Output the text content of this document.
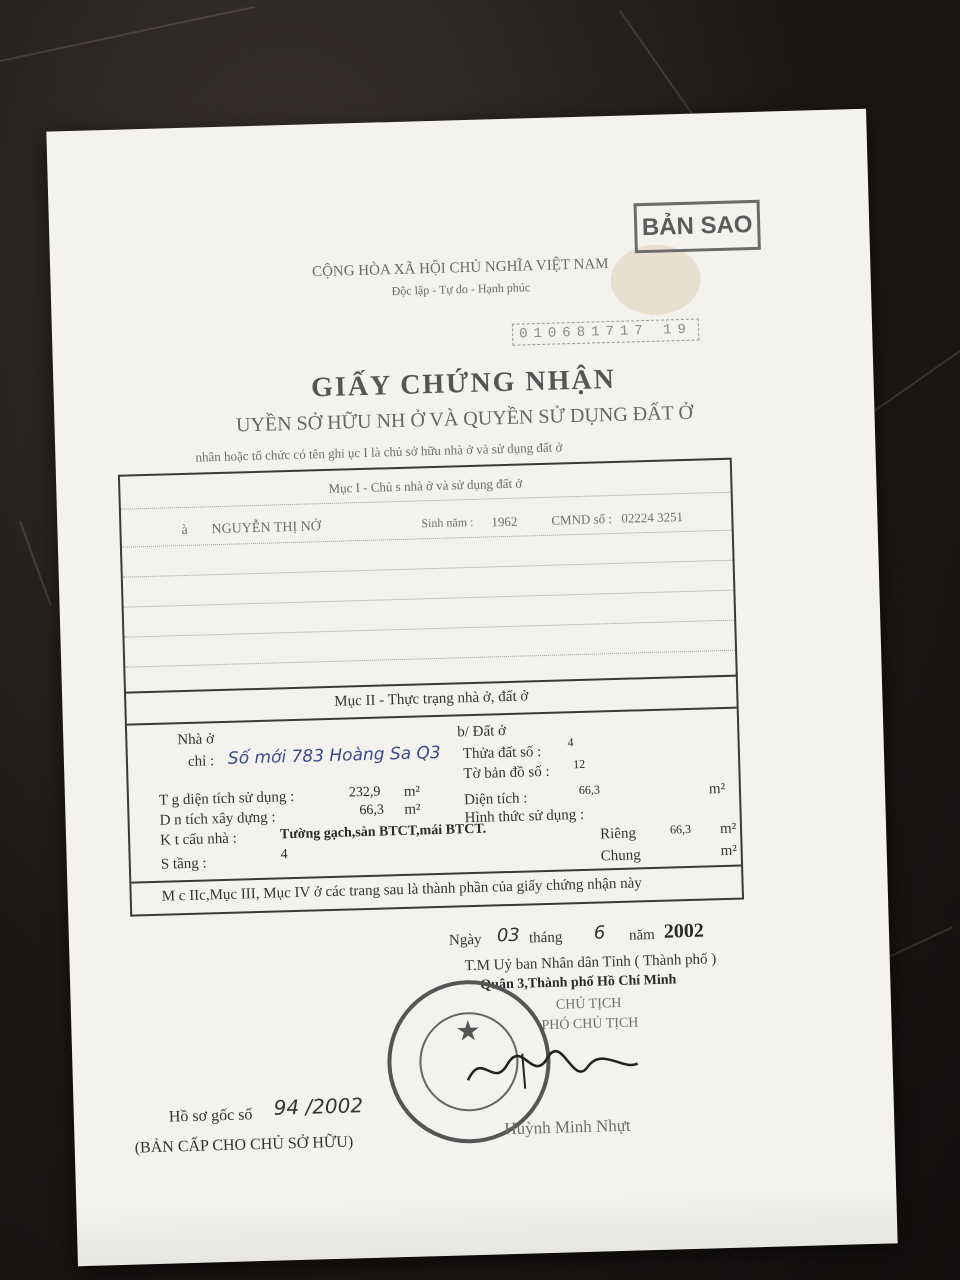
BẢN SAO
CỘNG HÒA XÃ HỘI CHỦ NGHĨA VIỆT NAM
Độc lập - Tự do - Hạnh phúc
010681717 19
GIẤY CHỨNG NHẬN
UYỀN SỞ HỮU NH Ở VÀ QUYỀN SỬ DỤNG ĐẤT Ở
nhân hoặc tổ chức có tên ghi ục I là chủ sở hữu nhà ở và sử dụng đất ở
Mục I - Chủ s nhà ở và sử dụng đất ở
à NGUYỄN THỊ NỞ	Sinh năm : 1962	CMND số : 02224 3251
Mục II - Thực trạng nhà ở, đất ở
Nhà ở
chỉ : Số mới 783 Hoàng Sa Q3
T g diện tích sử dụng :	232,9 m²
D n tích xây dựng :	66,3 m²
K t cấu nhà :	Tường gạch,sàn BTCT,mái BTCT.
S tầng :
4
b/ Đất ở
Thửa đất số :
4
Tờ bản đồ số : 12
Diện tích :
66,3	m²
Hình thức sử dụng :
Riêng	66,3 m²
Chung	m²
M c IIc,Mục III, Mục IV ở các trang sau là thành phần của giấy chứng nhận này
Ngày 03 tháng 6 năm 2002
T.M Uỷ ban Nhân dân Tỉnh ( Thành phố )
Quận 3,Thành phố Hồ Chí Minh
CHỦ TỊCH
PHÓ CHỦ TỊCH
★
Huỳnh Minh Nhựt
Hồ sơ gốc số 94 /2002
(BẢN CẤP CHO CHỦ SỞ HỮU)
